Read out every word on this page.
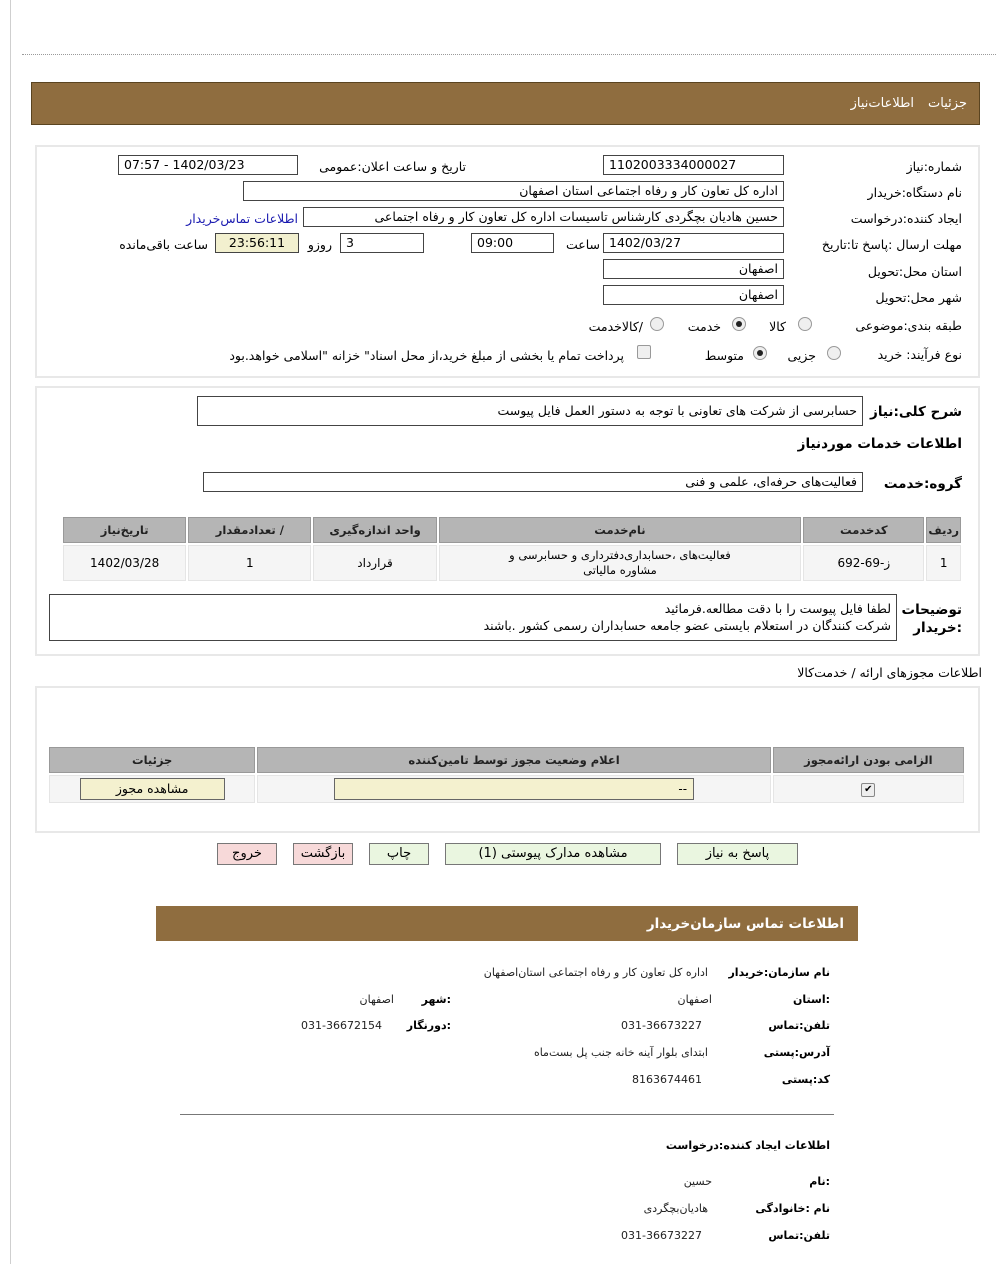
جزئیات
اطلاعات‌نیاز
شماره:نیاز
1102003334000027
تاریخ و ساعت اعلان:عمومی
1402/03/23 - 07:57
نام دستگاه:خریدار
اداره کل تعاون کار و رفاه اجتماعی استان اصفهان
ایجاد کننده:درخواست
حسین هادیان بچگردی کارشناس تاسیسات اداره کل تعاون کار و رفاه اجتماعی
اطلاعات تماس‌خریدار
مهلت ارسال :پاسخ تا:تاریخ
1402/03/27
ساعت
09:00
3
روزو
23:56:11
ساعت باقی‌مانده
استان محل:تحویل
اصفهان
شهر محل:تحویل
اصفهان
طبقه بندی:موضوعی
کالا
خدمت
/کالاخدمت
نوع فرآیند: خرید
جزیی
متوسط
پرداخت تمام یا بخشی از مبلغ خرید،از محل اسناد" خزانه "اسلامی خواهد.بود
شرح کلی:نیاز
حسابرسی از شرکت های تعاونی با توجه به دستور العمل فایل پیوست
اطلاعات خدمات موردنیاز
گروه:خدمت
فعالیت‌های حرفه‌ای، علمی و فنی
ردیف	کدخدمت	نام‌خدمت	واحد اندازه‌گیری	/ تعدادمقدار	تاریخ‌نیاز
1	ز-69-692	فعالیت‌های ،حسابداری‌دفترداری و حسابرسی و
مشاوره مالیاتی	قرارداد	1	1402/03/28
توضیحات
:خریدار
لطفا فایل پیوست را با دقت مطالعه.فرمائید
شرکت کنندگان در استعلام بایستی عضو جامعه حسابداران رسمی کشور .باشند
اطلاعات مجوزهای ارائه / خدمت‌کالا
الزامی بودن ارائه‌مجوز	اعلام وضعیت مجوز توسط تامین‌کننده	جزئیات
✔	--	مشاهده مجوز
پاسخ به نیاز
مشاهده مدارک پیوستی (1)
چاپ
بازگشت
خروج
اطلاعات تماس سازمان‌خریدار
نام سازمان:خریدار
اداره کل تعاون کار و رفاه اجتماعی استان‌اصفهان
:استان
اصفهان
:شهر
اصفهان
تلفن:تماس
031-36673227
:دورنگار
031-36672154
آدرس:پستی
ابتدای بلوار آینه خانه جنب پل بست‌ماه
کد:پستی
8163674461
اطلاعات ایجاد کننده:درخواست
:نام
حسین
نام :خانوادگی
هادیان‌بچگردی
تلفن:تماس
031-36673227
